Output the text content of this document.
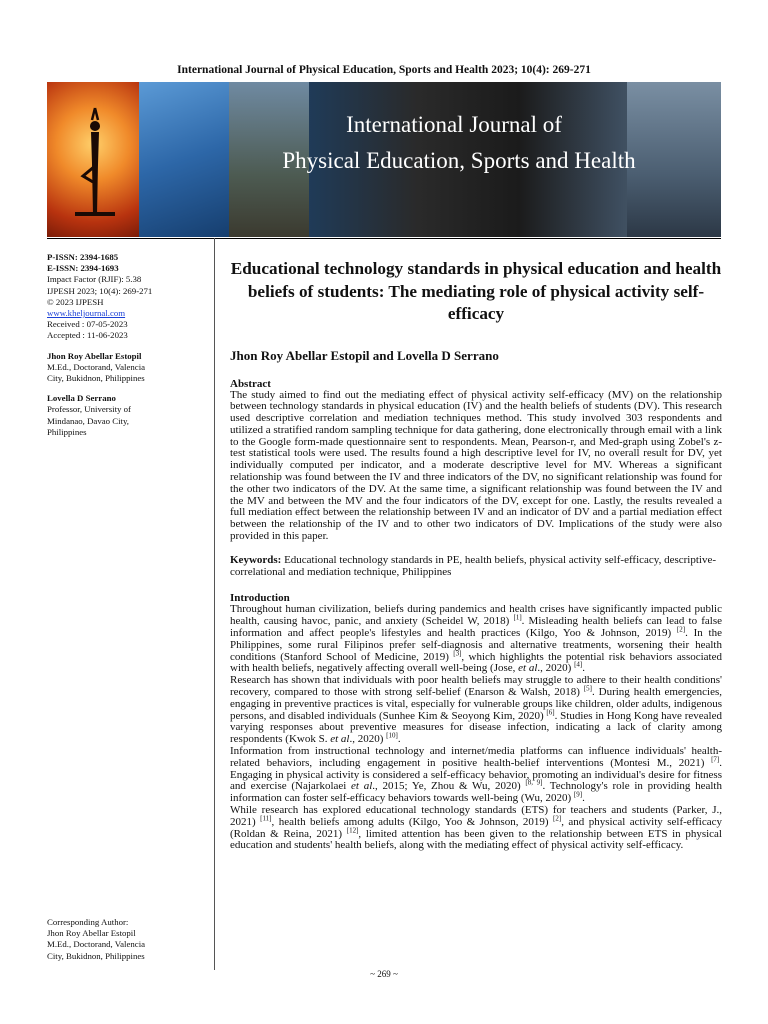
International Journal of Physical Education, Sports and Health 2023; 10(4): 269-271
International Journal of
Physical Education, Sports and Health
P-ISSN: 2394-1685
E-ISSN: 2394-1693
Impact Factor (RJIF): 5.38
IJPESH 2023; 10(4): 269-271
© 2023 IJPESH
www.kheljournal.com
Received : 07-05-2023
Accepted : 11-06-2023
Jhon Roy Abellar Estopil
M.Ed., Doctorand, Valencia
City, Bukidnon, Philippines
Lovella D Serrano
Professor, University of
Mindanao, Davao City,
Philippines
Corresponding Author:
Jhon Roy Abellar Estopil
M.Ed., Doctorand, Valencia
City, Bukidnon, Philippines
Educational technology standards in physical education and health beliefs of students: The mediating role of physical activity self-efficacy
Jhon Roy Abellar Estopil and Lovella D Serrano
Abstract

The study aimed to find out the mediating effect of physical activity self-efficacy (MV) on the relationship between technology standards in physical education (IV) and the health beliefs of students (DV). This research used descriptive correlation and mediation techniques method. This study involved 303 respondents and utilized a stratified random sampling technique for data gathering, done electronically through email with a link to the Google form-made questionnaire sent to respondents. Mean, Pearson-r, and Med-graph using Zobel's z-test statistical tools were used. The results found a high descriptive level for IV, no overall result for DV, yet individually computed per indicator, and a moderate descriptive level for MV. Whereas a significant relationship was found between the IV and three indicators of the DV, no significant relationship was found for the other two indicators of the DV. At the same time, a significant relationship was found between the IV and the MV and between the MV and the four indicators of the DV, except for one. Lastly, the results revealed a full mediation effect between the relationship between IV and an indicator of DV and a partial mediation effect between the relationship of the IV and to other two indicators of DV. Implications of the study were also provided in this paper.

Keywords: Educational technology standards in PE, health beliefs, physical activity self-efficacy, descriptive- correlational and mediation technique, Philippines
Introduction

Throughout human civilization, beliefs during pandemics and health crises have significantly impacted public health, causing havoc, panic, and anxiety (Scheidel W, 2018) [1]. Misleading health beliefs can lead to false information and affect people's lifestyles and health practices (Kilgo, Yoo & Johnson, 2019) [2]. In the Philippines, some rural Filipinos prefer self-diagnosis and alternative treatments, worsening their health conditions (Stanford School of Medicine, 2019) [3], which highlights the potential risk behaviors associated with health beliefs, negatively affecting overall well-being (Jose, et al., 2020) [4].

Research has shown that individuals with poor health beliefs may struggle to adhere to their health conditions' recovery, compared to those with strong self-belief (Enarson & Walsh, 2018) [5]. During health emergencies, engaging in preventive practices is vital, especially for vulnerable groups like children, older adults, indigenous persons, and disabled individuals (Sunhee Kim & Seoyong Kim, 2020) [6]. Studies in Hong Kong have revealed varying responses about preventive measures for disease infection, indicating a lack of clarity among respondents (Kwok S. et al., 2020) [10].

Information from instructional technology and internet/media platforms can influence individuals' health-related behaviors, including engagement in positive health-belief interventions (Montesi M., 2021) [7]. Engaging in physical activity is considered a self-efficacy behavior, promoting an individual's desire for fitness and exercise (Najarkolaei et al., 2015; Ye, Zhou & Wu, 2020) [8, 9]. Technology's role in providing health information can foster self-efficacy behaviors towards well-being (Wu, 2020) [9].

While research has explored educational technology standards (ETS) for teachers and students (Parker, J., 2021) [11], health beliefs among adults (Kilgo, Yoo & Johnson, 2019) [2], and physical activity self-efficacy (Roldan & Reina, 2021) [12], limited attention has been given to the relationship between ETS in physical education and students' health beliefs, along with the mediating effect of physical activity self-efficacy.

~ 269 ~
